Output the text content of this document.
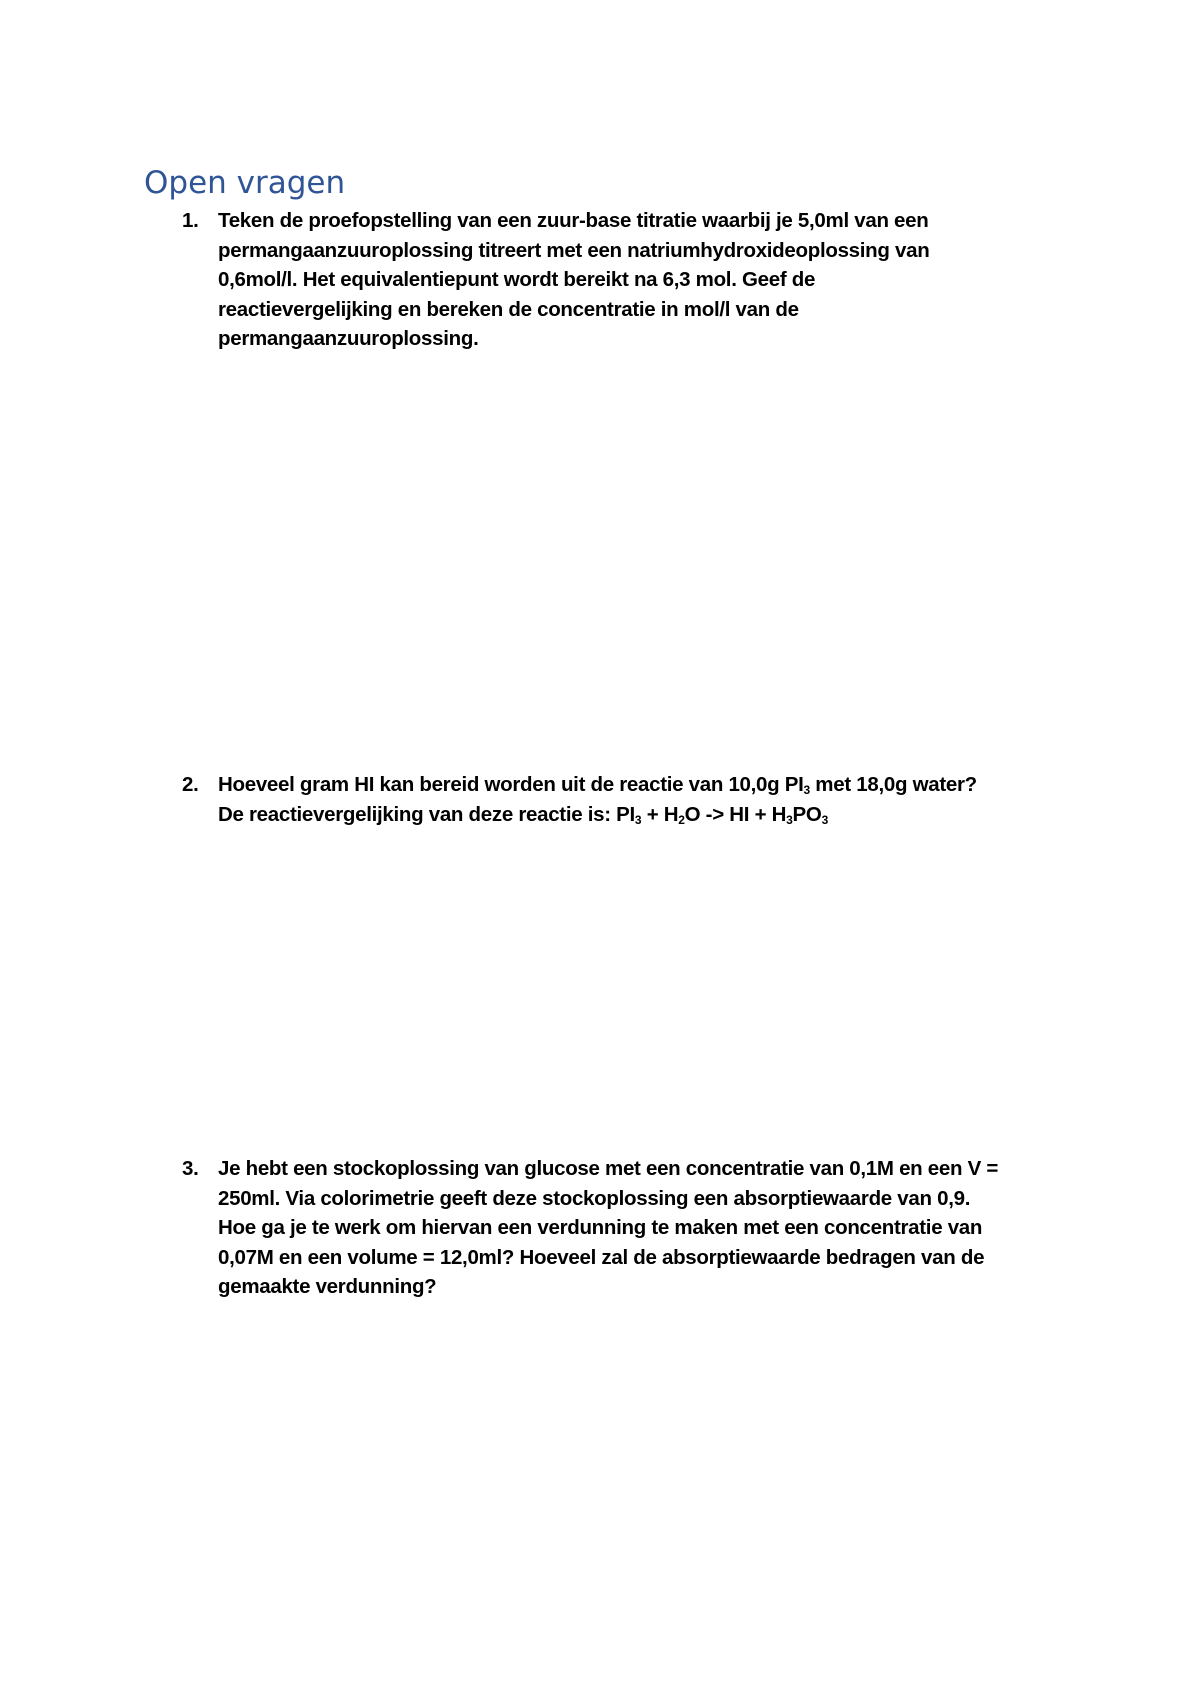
Open vragen
1. Teken de proefopstelling van een zuur-base titratie waarbij je 5,0ml van een
permangaanzuuroplossing titreert met een natriumhydroxideoplossing van
0,6mol/l. Het equivalentiepunt wordt bereikt na 6,3 mol. Geef de
reactievergelijking en bereken de concentratie in mol/l van de
permangaanzuuroplossing.
2. Hoeveel gram HI kan bereid worden uit de reactie van 10,0g $PI_3$ met 18,0g water?
De reactievergelijking van deze reactie is: $PI_3 + H_2O$ -> HI + $H_3PO_3$
3. Je hebt een stockoplossing van glucose met een concentratie van 0,1M en een V =
250ml. Via colorimetrie geeft deze stockoplossing een absorptiewaarde van 0,9.
Hoe ga je te werk om hiervan een verdunning te maken met een concentratie van
0,07M en een volume = 12,0ml? Hoeveel zal de absorptiewaarde bedragen van de
gemaakte verdunning?
